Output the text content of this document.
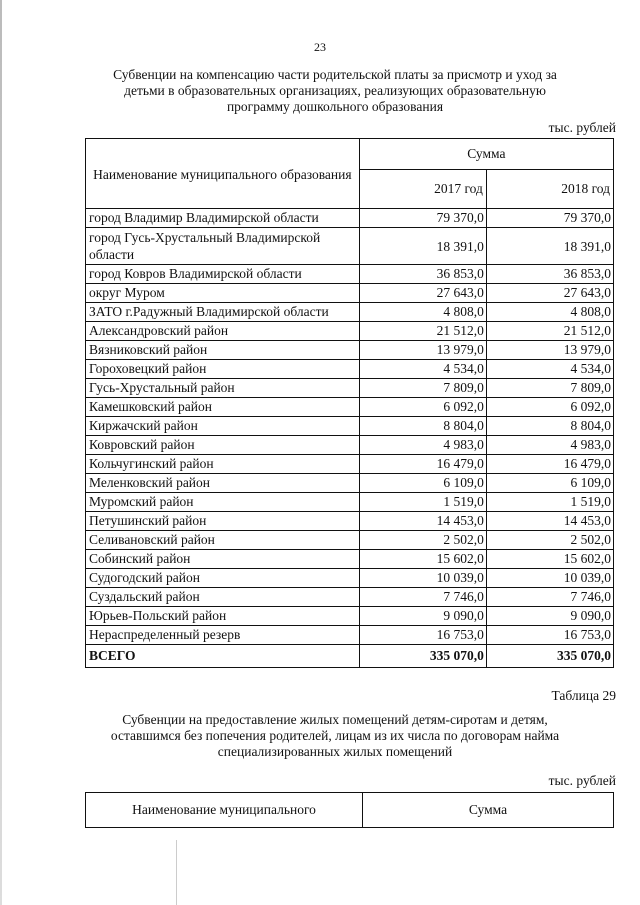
23
Субвенции на компенсацию части родительской платы за присмотр и уход за детьми в образовательных организациях, реализующих образовательную программу дошкольного образования
тыс. рублей
Наименование муниципального образования	Сумма	
	2017 год	2018 год
город Владимир Владимирской области	79 370,0	79 370,0
город Гусь-Хрустальный Владимирской области	18 391,0	18 391,0
город Ковров Владимирской области	36 853,0	36 853,0
округ Муром	27 643,0	27 643,0
ЗАТО г.Радужный Владимирской области	4 808,0	4 808,0
Александровский район	21 512,0	21 512,0
Вязниковский район	13 979,0	13 979,0
Гороховецкий район	4 534,0	4 534,0
Гусь-Хрустальный район	7 809,0	7 809,0
Камешковский район	6 092,0	6 092,0
Киржачский район	8 804,0	8 804,0
Ковровский район	4 983,0	4 983,0
Кольчугинский район	16 479,0	16 479,0
Меленковский район	6 109,0	6 109,0
Муромский район	1 519,0	1 519,0
Петушинский район	14 453,0	14 453,0
Селивановский район	2 502,0	2 502,0
Собинский район	15 602,0	15 602,0
Судогодский район	10 039,0	10 039,0
Суздальский район	7 746,0	7 746,0
Юрьев-Польский район	9 090,0	9 090,0
Нераспределенный резерв	16 753,0	16 753,0
ВСЕГО	335 070,0	335 070,0
Таблица 29
Субвенции на предоставление жилых помещений детям-сиротам и детям, оставшимся без попечения родителей, лицам из их числа по договорам найма специализированных жилых помещений
тыс. рублей
Наименование муниципального	Сумма
